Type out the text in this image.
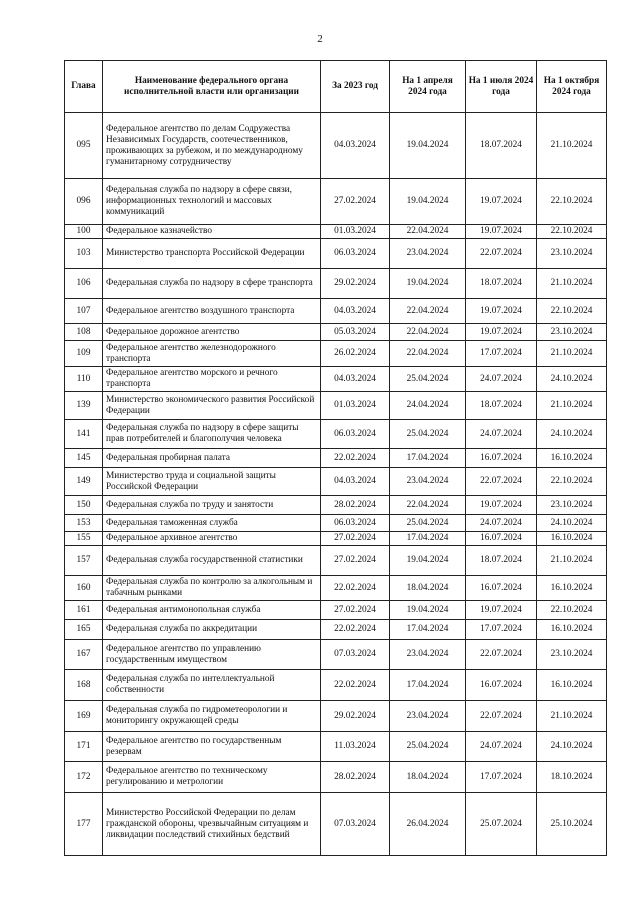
2
Глава	Наименование федерального органа исполнительной власти или организации	За 2023 год	На 1 апреля 2024 года	На 1 июля 2024 года	На 1 октября 2024 года
095	Федеральное агентство по делам Содружества Независимых Государств, соотечественников, проживающих за рубежом, и по международному гуманитарному сотрудничеству	04.03.2024	19.04.2024	18.07.2024	21.10.2024
096	Федеральная служба по надзору в сфере связи, информационных технологий и массовых коммуникаций	27.02.2024	19.04.2024	19.07.2024	22.10.2024
100	Федеральное казначейство	01.03.2024	22.04.2024	19.07.2024	22.10.2024
103	Министерство транспорта Российской Федерации	06.03.2024	23.04.2024	22.07.2024	23.10.2024
106	Федеральная служба по надзору в сфере транспорта	29.02.2024	19.04.2024	18.07.2024	21.10.2024
107	Федеральное агентство воздушного транспорта	04.03.2024	22.04.2024	19.07.2024	22.10.2024
108	Федеральное дорожное агентство	05.03.2024	22.04.2024	19.07.2024	23.10.2024
109	Федеральное агентство железнодорожного транспорта	26.02.2024	22.04.2024	17.07.2024	21.10.2024
110	Федеральное агентство морского и речного транспорта	04.03.2024	25.04.2024	24.07.2024	24.10.2024
139	Министерство экономического развития Российской Федерации	01.03.2024	24.04.2024	18.07.2024	21.10.2024
141	Федеральная служба по надзору в сфере защиты прав потребителей и благополучия человека	06.03.2024	25.04.2024	24.07.2024	24.10.2024
145	Федеральная пробирная палата	22.02.2024	17.04.2024	16.07.2024	16.10.2024
149	Министерство труда и социальной защиты Российской Федерации	04.03.2024	23.04.2024	22.07.2024	22.10.2024
150	Федеральная служба по труду и занятости	28.02.2024	22.04.2024	19.07.2024	23.10.2024
153	Федеральная таможенная служба	06.03.2024	25.04.2024	24.07.2024	24.10.2024
155	Федеральное архивное агентство	27.02.2024	17.04.2024	16.07.2024	16.10.2024
157	Федеральная служба государственной статистики	27.02.2024	19.04.2024	18.07.2024	21.10.2024
160	Федеральная служба по контролю за алкогольным и табачным рынками	22.02.2024	18.04.2024	16.07.2024	16.10.2024
161	Федеральная антимонопольная служба	27.02.2024	19.04.2024	19.07.2024	22.10.2024
165	Федеральная служба по аккредитации	22.02.2024	17.04.2024	17.07.2024	16.10.2024
167	Федеральное агентство по управлению государственным имуществом	07.03.2024	23.04.2024	22.07.2024	23.10.2024
168	Федеральная служба по интеллектуальной собственности	22.02.2024	17.04.2024	16.07.2024	16.10.2024
169	Федеральная служба по гидрометеорологии и мониторингу окружающей среды	29.02.2024	23.04.2024	22.07.2024	21.10.2024
171	Федеральное агентство по государственным резервам	11.03.2024	25.04.2024	24.07.2024	24.10.2024
172	Федеральное агентство по техническому регулированию и метрологии	28.02.2024	18.04.2024	17.07.2024	18.10.2024
177	Министерство Российской Федерации по делам гражданской обороны, чрезвычайным ситуациям и ликвидации последствий стихийных бедствий	07.03.2024	26.04.2024	25.07.2024	25.10.2024
